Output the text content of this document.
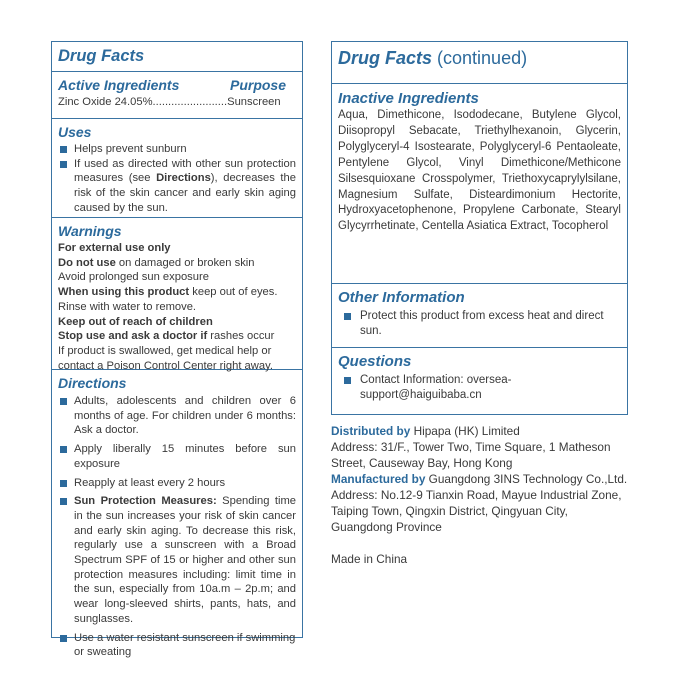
Drug Facts
Active Ingredients	Purpose
Zinc Oxide 24.05%........................ Sunscreen
Uses
Helps prevent sunburn
If used as directed with other sun protection measures (see Directions), decreases the risk of the skin cancer and early skin aging caused by the sun.
Warnings
For external use only
Do not use on damaged or broken skin
Avoid prolonged sun exposure
When using this product keep out of eyes.
Rinse with water to remove.
Keep out of reach of children
Stop use and ask a doctor if rashes occur
If product is swallowed, get medical help or contact a Poison Control Center right away.
Directions
Adults, adolescents and children over 6 months of age. For children under 6 months: Ask a doctor.
Apply liberally 15 minutes before sun exposure
Reapply at least every 2 hours
Sun Protection Measures: Spending time in the sun increases your risk of skin cancer and early skin aging. To decrease this risk, regularly use a sunscreen with a Broad Spectrum SPF of 15 or higher and other sun protection measures including: limit time in the sun, especially from 10a.m – 2p.m; and wear long-sleeved shirts, pants, hats, and sunglasses.
Use a water resistant sunscreen if swimming or sweating
Drug Facts (continued)
Inactive Ingredients
Aqua, Dimethicone, Isododecane, Butylene Glycol, Diisopropyl Sebacate, Triethylhexanoin, Glycerin, Polyglyceryl-4 Isostearate, Polyglyceryl-6 Pentaoleate, Pentylene Glycol, Vinyl Dimethicone/Methicone Silsesquioxane Crosspolymer, Triethoxycaprylylsilane, Magnesium Sulfate, Disteardimonium Hectorite, Hydroxyacetophenone, Propylene Carbonate, Stearyl Glycyrrhetinate, Centella Asiatica Extract, Tocopherol
Other Information
Protect this product from excess heat and direct sun.
Questions
Contact Information: oversea-support@haiguibaba.cn
Distributed by Hipapa (HK) Limited
Address: 31/F., Tower Two, Time Square, 1 Matheson Street, Causeway Bay, Hong Kong
Manufactured by Guangdong 3INS Technology Co.,Ltd.
Address: No.12-9 Tianxin Road, Mayue Industrial Zone, Taiping Town, Qingxin District, Qingyuan City, Guangdong Province
Made in China
